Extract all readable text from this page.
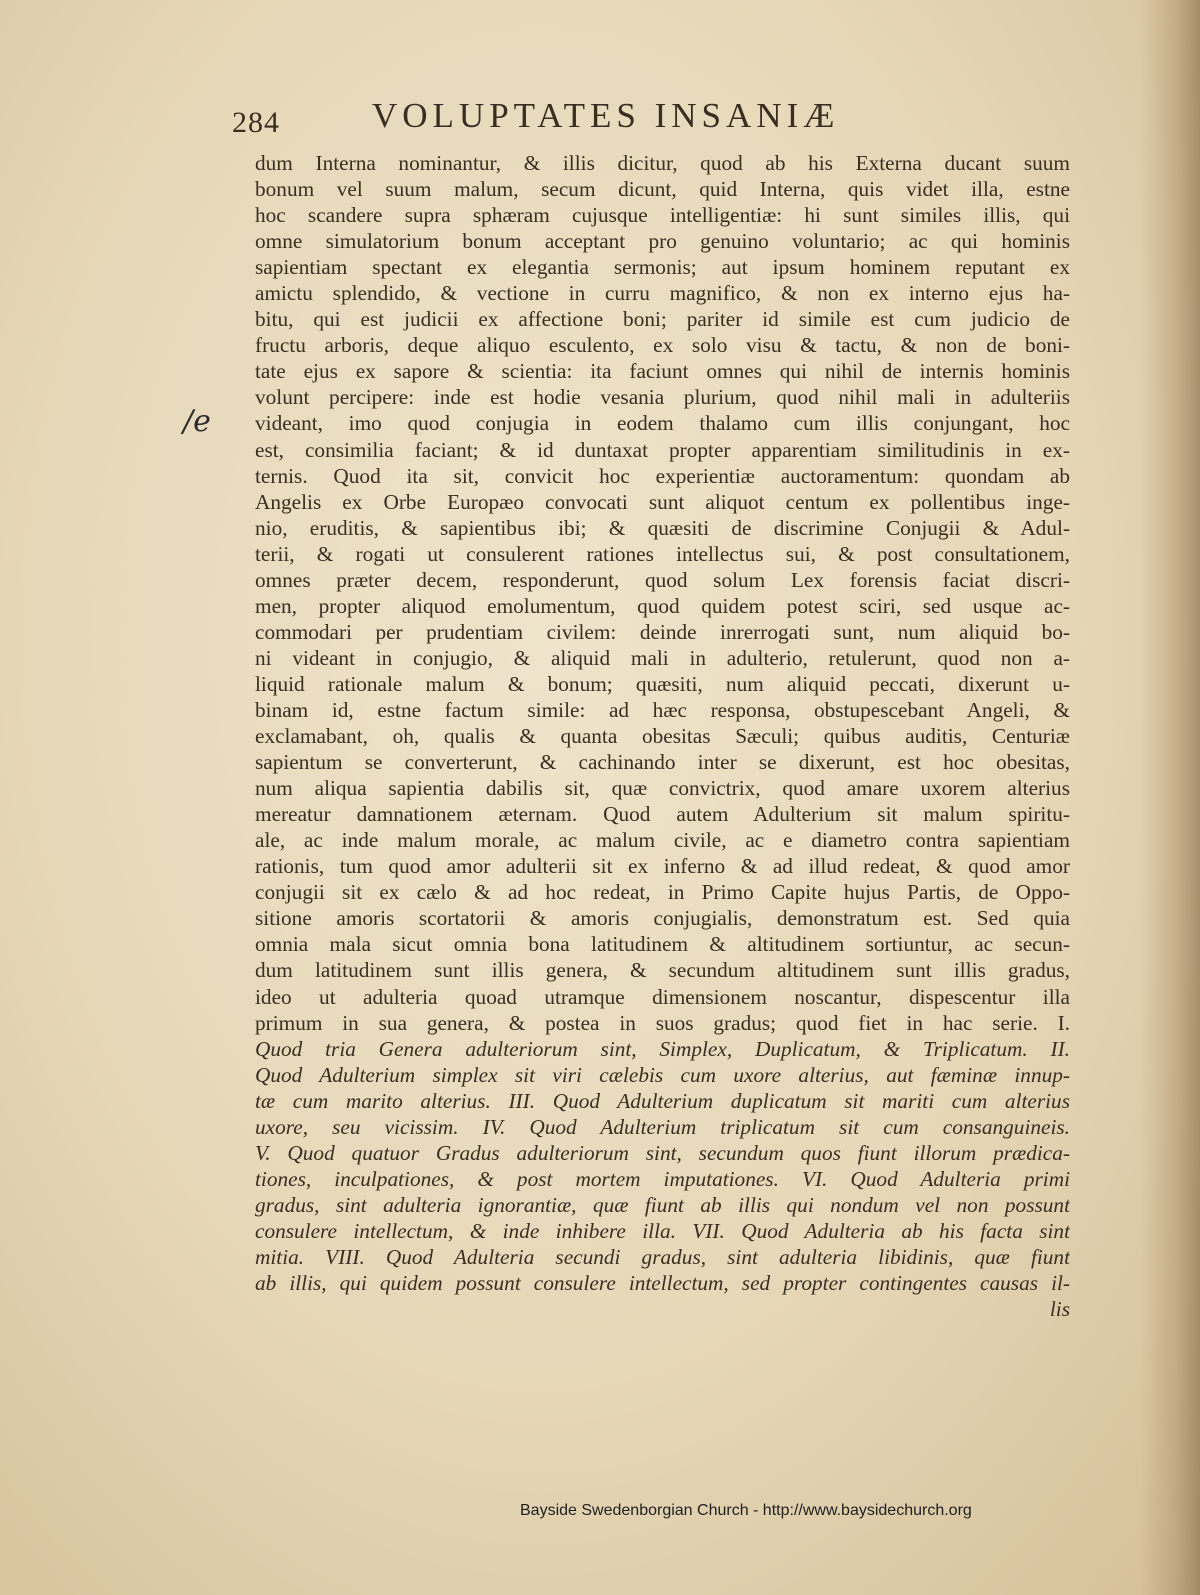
284	VOLUPTATES INSANIÆ
/e
dum Interna nominantur, & illis dicitur, quod ab his Externa ducant suum
bonum vel suum malum, secum dicunt, quid Interna, quis videt illa, estne
hoc scandere supra sphæram cujusque intelligentiæ: hi sunt similes illis, qui
omne simulatorium bonum acceptant pro genuino voluntario; ac qui hominis
sapientiam spectant ex elegantia sermonis; aut ipsum hominem reputant ex
amictu splendido, & vectione in curru magnifico, & non ex interno ejus ha-
bitu, qui est judicii ex affectione boni; pariter id simile est cum judicio de
fructu arboris, deque aliquo esculento, ex solo visu & tactu, & non de boni-
tate ejus ex sapore & scientia: ita faciunt omnes qui nihil de internis hominis
volunt percipere: inde est hodie vesania plurium, quod nihil mali in adulteriis
videant, imo quod conjugia in eodem thalamo cum illis conjungant, hoc
est, consimilia faciant; & id duntaxat propter apparentiam similitudinis in ex-
ternis. Quod ita sit, convicit hoc experientiæ auctoramentum: quondam ab
Angelis ex Orbe Europæo convocati sunt aliquot centum ex pollentibus inge-
nio, eruditis, & sapientibus ibi; & quæsiti de discrimine Conjugii & Adul-
terii, & rogati ut consulerent rationes intellectus sui, & post consultationem,
omnes præter decem, responderunt, quod solum Lex forensis faciat discri-
men, propter aliquod emolumentum, quod quidem potest sciri, sed usque ac-
commodari per prudentiam civilem: deinde inrerrogati sunt, num aliquid bo-
ni videant in conjugio, & aliquid mali in adulterio, retulerunt, quod non a-
liquid rationale malum & bonum; quæsiti, num aliquid peccati, dixerunt u-
binam id, estne factum simile: ad hæc responsa, obstupescebant Angeli, &
exclamabant, oh, qualis & quanta obesitas Sæculi; quibus auditis, Centuriæ
sapientum se converterunt, & cachinando inter se dixerunt, est hoc obesitas,
num aliqua sapientia dabilis sit, quæ convictrix, quod amare uxorem alterius
mereatur damnationem æternam. Quod autem Adulterium sit malum spiritu-
ale, ac inde malum morale, ac malum civile, ac e diametro contra sapientiam
rationis, tum quod amor adulterii sit ex inferno & ad illud redeat, & quod amor
conjugii sit ex cælo & ad hoc redeat, in Primo Capite hujus Partis, de Oppo-
sitione amoris scortatorii & amoris conjugialis, demonstratum est. Sed quia
omnia mala sicut omnia bona latitudinem & altitudinem sortiuntur, ac secun-
dum latitudinem sunt illis genera, & secundum altitudinem sunt illis gradus,
ideo ut adulteria quoad utramque dimensionem noscantur, dispescentur illa
primum in sua genera, & postea in suos gradus; quod fiet in hac serie. I.
Quod tria Genera adulteriorum sint, Simplex, Duplicatum, & Triplicatum. II.
Quod Adulterium simplex sit viri cælebis cum uxore alterius, aut fæminæ innup-
tæ cum marito alterius. III. Quod Adulterium duplicatum sit mariti cum alterius
uxore, seu vicissim. IV. Quod Adulterium triplicatum sit cum consanguineis.
V. Quod quatuor Gradus adulteriorum sint, secundum quos fiunt illorum prædica-
tiones, inculpationes, & post mortem imputationes. VI. Quod Adulteria primi
gradus, sint adulteria ignorantiæ, quæ fiunt ab illis qui nondum vel non possunt
consulere intellectum, & inde inhibere illa. VII. Quod Adulteria ab his facta sint
mitia. VIII. Quod Adulteria secundi gradus, sint adulteria libidinis, quæ fiunt
ab illis, qui quidem possunt consulere intellectum, sed propter contingentes causas il-
lis
Bayside Swedenborgian Church - http://www.baysidechurch.org
